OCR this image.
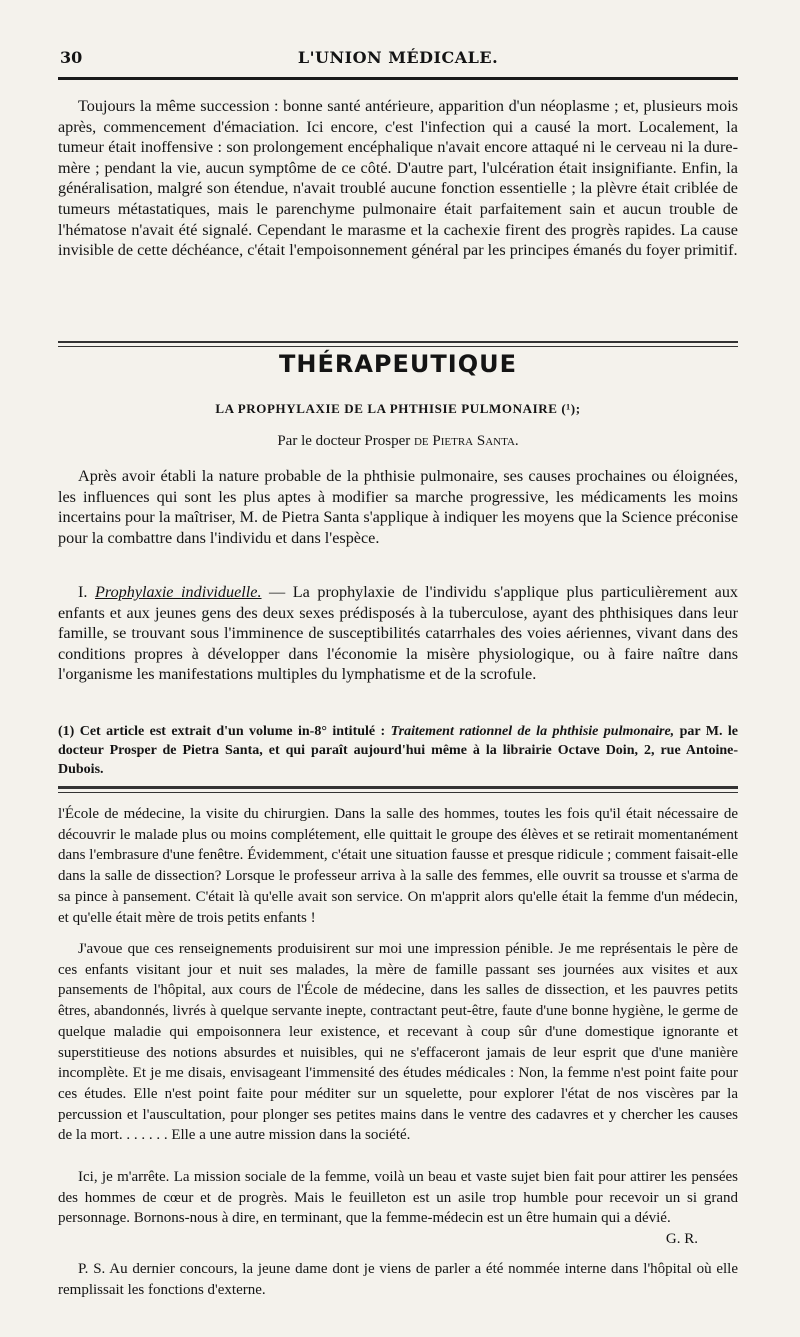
30	L'UNION MÉDICALE.

Toujours la même succession : bonne santé antérieure, apparition d'un néoplasme ; et, plusieurs mois après, commencement d'émaciation. Ici encore, c'est l'infection qui a causé la mort. Localement, la tumeur était inoffensive : son prolongement encéphalique n'avait encore attaqué ni le cerveau ni la dure-mère ; pendant la vie, aucun symptôme de ce côté. D'autre part, l'ulcération était insignifiante. Enfin, la généralisation, malgré son étendue, n'avait troublé aucune fonction essentielle ; la plèvre était criblée de tumeurs métastatiques, mais le parenchyme pulmonaire était parfaitement sain et aucun trouble de l'hématose n'avait été signalé. Cependant le marasme et la cachexie firent des progrès rapides. La cause invisible de cette déchéance, c'était l'empoisonnement général par les principes émanés du foyer primitif.

THÉRAPEUTIQUE
LA PROPHYLAXIE DE LA PHTHISIE PULMONAIRE (¹);
Par le docteur Prosper de Pietra Santa.

Après avoir établi la nature probable de la phthisie pulmonaire, ses causes prochaines ou éloignées, les influences qui sont les plus aptes à modifier sa marche progressive, les médicaments les moins incertains pour la maîtriser, M. de Pietra Santa s'applique à indiquer les moyens que la Science préconise pour la combattre dans l'individu et dans l'espèce.

I. Prophylaxie individuelle. — La prophylaxie de l'individu s'applique plus particulièrement aux enfants et aux jeunes gens des deux sexes prédisposés à la tuberculose, ayant des phthisiques dans leur famille, se trouvant sous l'imminence de susceptibilités catarrhales des voies aériennes, vivant dans des conditions propres à développer dans l'économie la misère physiologique, ou à faire naître dans l'organisme les manifestations multiples du lymphatisme et de la scrofule.

(1) Cet article est extrait d'un volume in-8° intitulé : Traitement rationnel de la phthisie pulmonaire, par M. le docteur Prosper de Pietra Santa, et qui paraît aujourd'hui même à la librairie Octave Doin, 2, rue Antoine-Dubois.

l'École de médecine, la visite du chirurgien. Dans la salle des hommes, toutes les fois qu'il était nécessaire de découvrir le malade plus ou moins complétement, elle quittait le groupe des élèves et se retirait momentanément dans l'embrasure d'une fenêtre. Évidemment, c'était une situation fausse et presque ridicule ; comment faisait-elle dans la salle de dissection? Lorsque le professeur arriva à la salle des femmes, elle ouvrit sa trousse et s'arma de sa pince à pansement. C'était là qu'elle avait son service. On m'apprit alors qu'elle était la femme d'un médecin, et qu'elle était mère de trois petits enfants !

J'avoue que ces renseignements produisirent sur moi une impression pénible. Je me représentais le père de ces enfants visitant jour et nuit ses malades, la mère de famille passant ses journées aux visites et aux pansements de l'hôpital, aux cours de l'École de médecine, dans les salles de dissection, et les pauvres petits êtres, abandonnés, livrés à quelque servante inepte, contractant peut-être, faute d'une bonne hygiène, le germe de quelque maladie qui empoisonnera leur existence, et recevant à coup sûr d'une domestique ignorante et superstitieuse des notions absurdes et nuisibles, qui ne s'effaceront jamais de leur esprit que d'une manière incomplète. Et je me disais, envisageant l'immensité des études médicales : Non, la femme n'est point faite pour ces études. Elle n'est point faite pour méditer sur un squelette, pour explorer l'état de nos viscères par la percussion et l'auscultation, pour plonger ses petites mains dans le ventre des cadavres et y chercher les causes de la mort. . . . . . . Elle a une autre mission dans la société.

Ici, je m'arrête. La mission sociale de la femme, voilà un beau et vaste sujet bien fait pour attirer les pensées des hommes de cœur et de progrès. Mais le feuilleton est un asile trop humble pour recevoir un si grand personnage. Bornons-nous à dire, en terminant, que la femme-médecin est un être humain qui a dévié.
G. R.

P. S. Au dernier concours, la jeune dame dont je viens de parler a été nommée interne dans l'hôpital où elle remplissait les fonctions d'externe.
